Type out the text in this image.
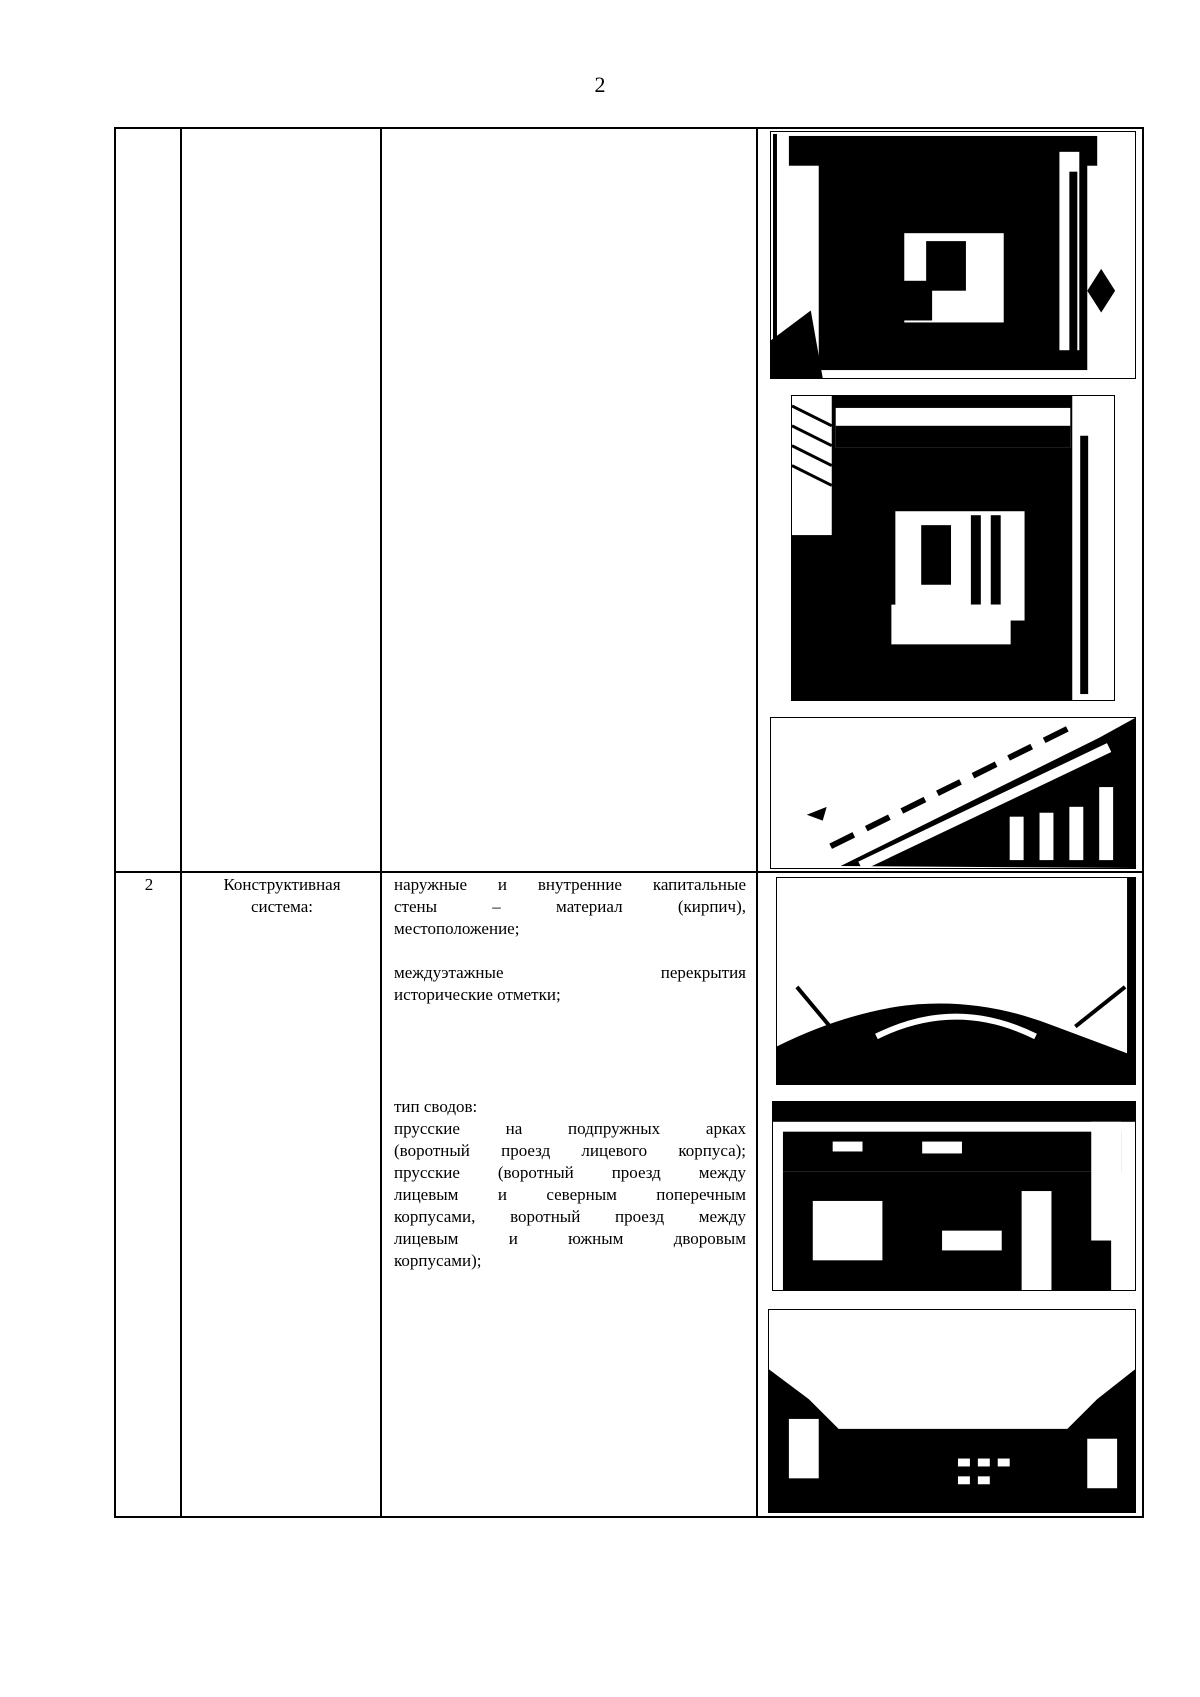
2
2	Конструктивная
система:

наружные и внутренние капитальные

стены – материал (кирпич),

местоположение;

междуэтажные перекрытия

исторические отметки;

тип сводов:

прусские на подпружных арках

(воротный проезд лицевого корпуса);

прусские (воротный проезд между

лицевым и северным поперечным

корпусами, воротный проезд между

лицевым и южным дворовым

корпусами);
